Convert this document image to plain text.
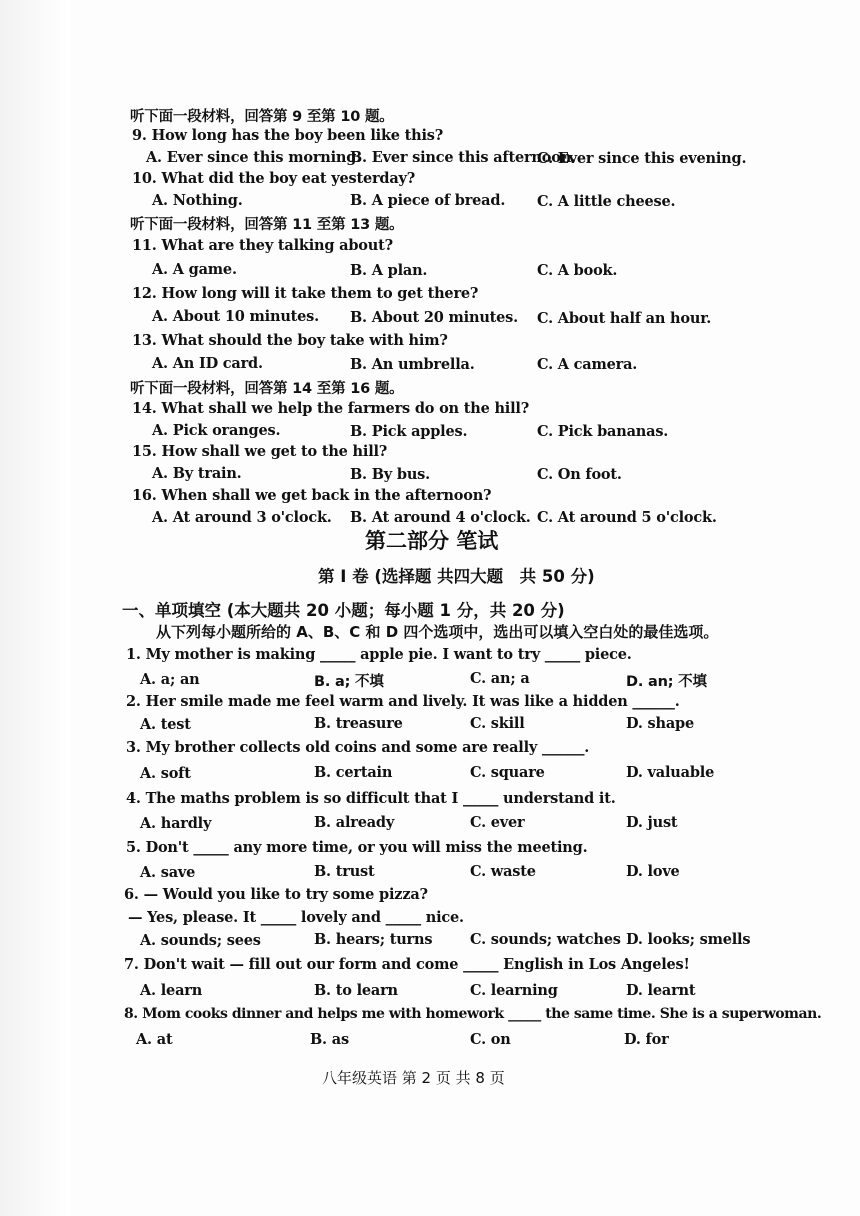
听下面一段材料，回答第 9 至第 10 题。
9. How long has the boy been like this?
A. Ever since this morning.
B. Ever since this afternoon.
C. Ever since this evening.
10. What did the boy eat yesterday?
A. Nothing.	B. A piece of bread. C. A little cheese.
听下面一段材料，回答第 11 至第 13 题。
11. What are they talking about?
A. A game.	B. A plan.	C. A book.
12. How long will it take them to get there?
A. About 10 minutes. B. About 20 minutes. C. About half an hour.
13. What should the boy take with him?
A. An ID card.	B. An umbrella.	C. A camera.
听下面一段材料，回答第 14 至第 16 题。
14. What shall we help the farmers do on the hill?
A. Pick oranges.	B. Pick apples.	C. Pick bananas.
15. How shall we get to the hill?
A. By train.	B. By bus.	C. On foot.
16. When shall we get back in the afternoon?
A. At around 3 o'clock. B. At around 4 o'clock. C. At around 5 o'clock.
第二部分 笔试
第 I 卷 (选择题 共四大题　共 50 分)
一、单项填空 (本大题共 20 小题；每小题 1 分，共 20 分)
从下列每小题所给的 A、B、C 和 D 四个选项中，选出可以填入空白处的最佳选项。
1. My mother is making _____ apple pie. I want to try _____ piece.
A. a; an	B. a; 不填	C. an; a	D. an; 不填
2. Her smile made me feel warm and lively. It was like a hidden ______.
A. test	B. treasure	C. skill	D. shape
3. My brother collects old coins and some are really ______.
A. soft	B. certain	C. square	D. valuable
4. The maths problem is so difficult that I _____ understand it.
A. hardly	B. already	C. ever	D. just
5. Don't _____ any more time, or you will miss the meeting.
A. save	B. trust	C. waste	D. love
6. — Would you like to try some pizza?
— Yes, please. It _____ lovely and _____ nice.
A. sounds; sees	B. hears; turns	C. sounds; watches D. looks; smells
7. Don't wait — fill out our form and come _____ English in Los Angeles!
A. learn	B. to learn	C. learning	D. learnt
8. Mom cooks dinner and helps me with homework _____ the same time. She is a superwoman.
A. at	B. as	C. on	D. for
八年级英语 第 2 页 共 8 页
